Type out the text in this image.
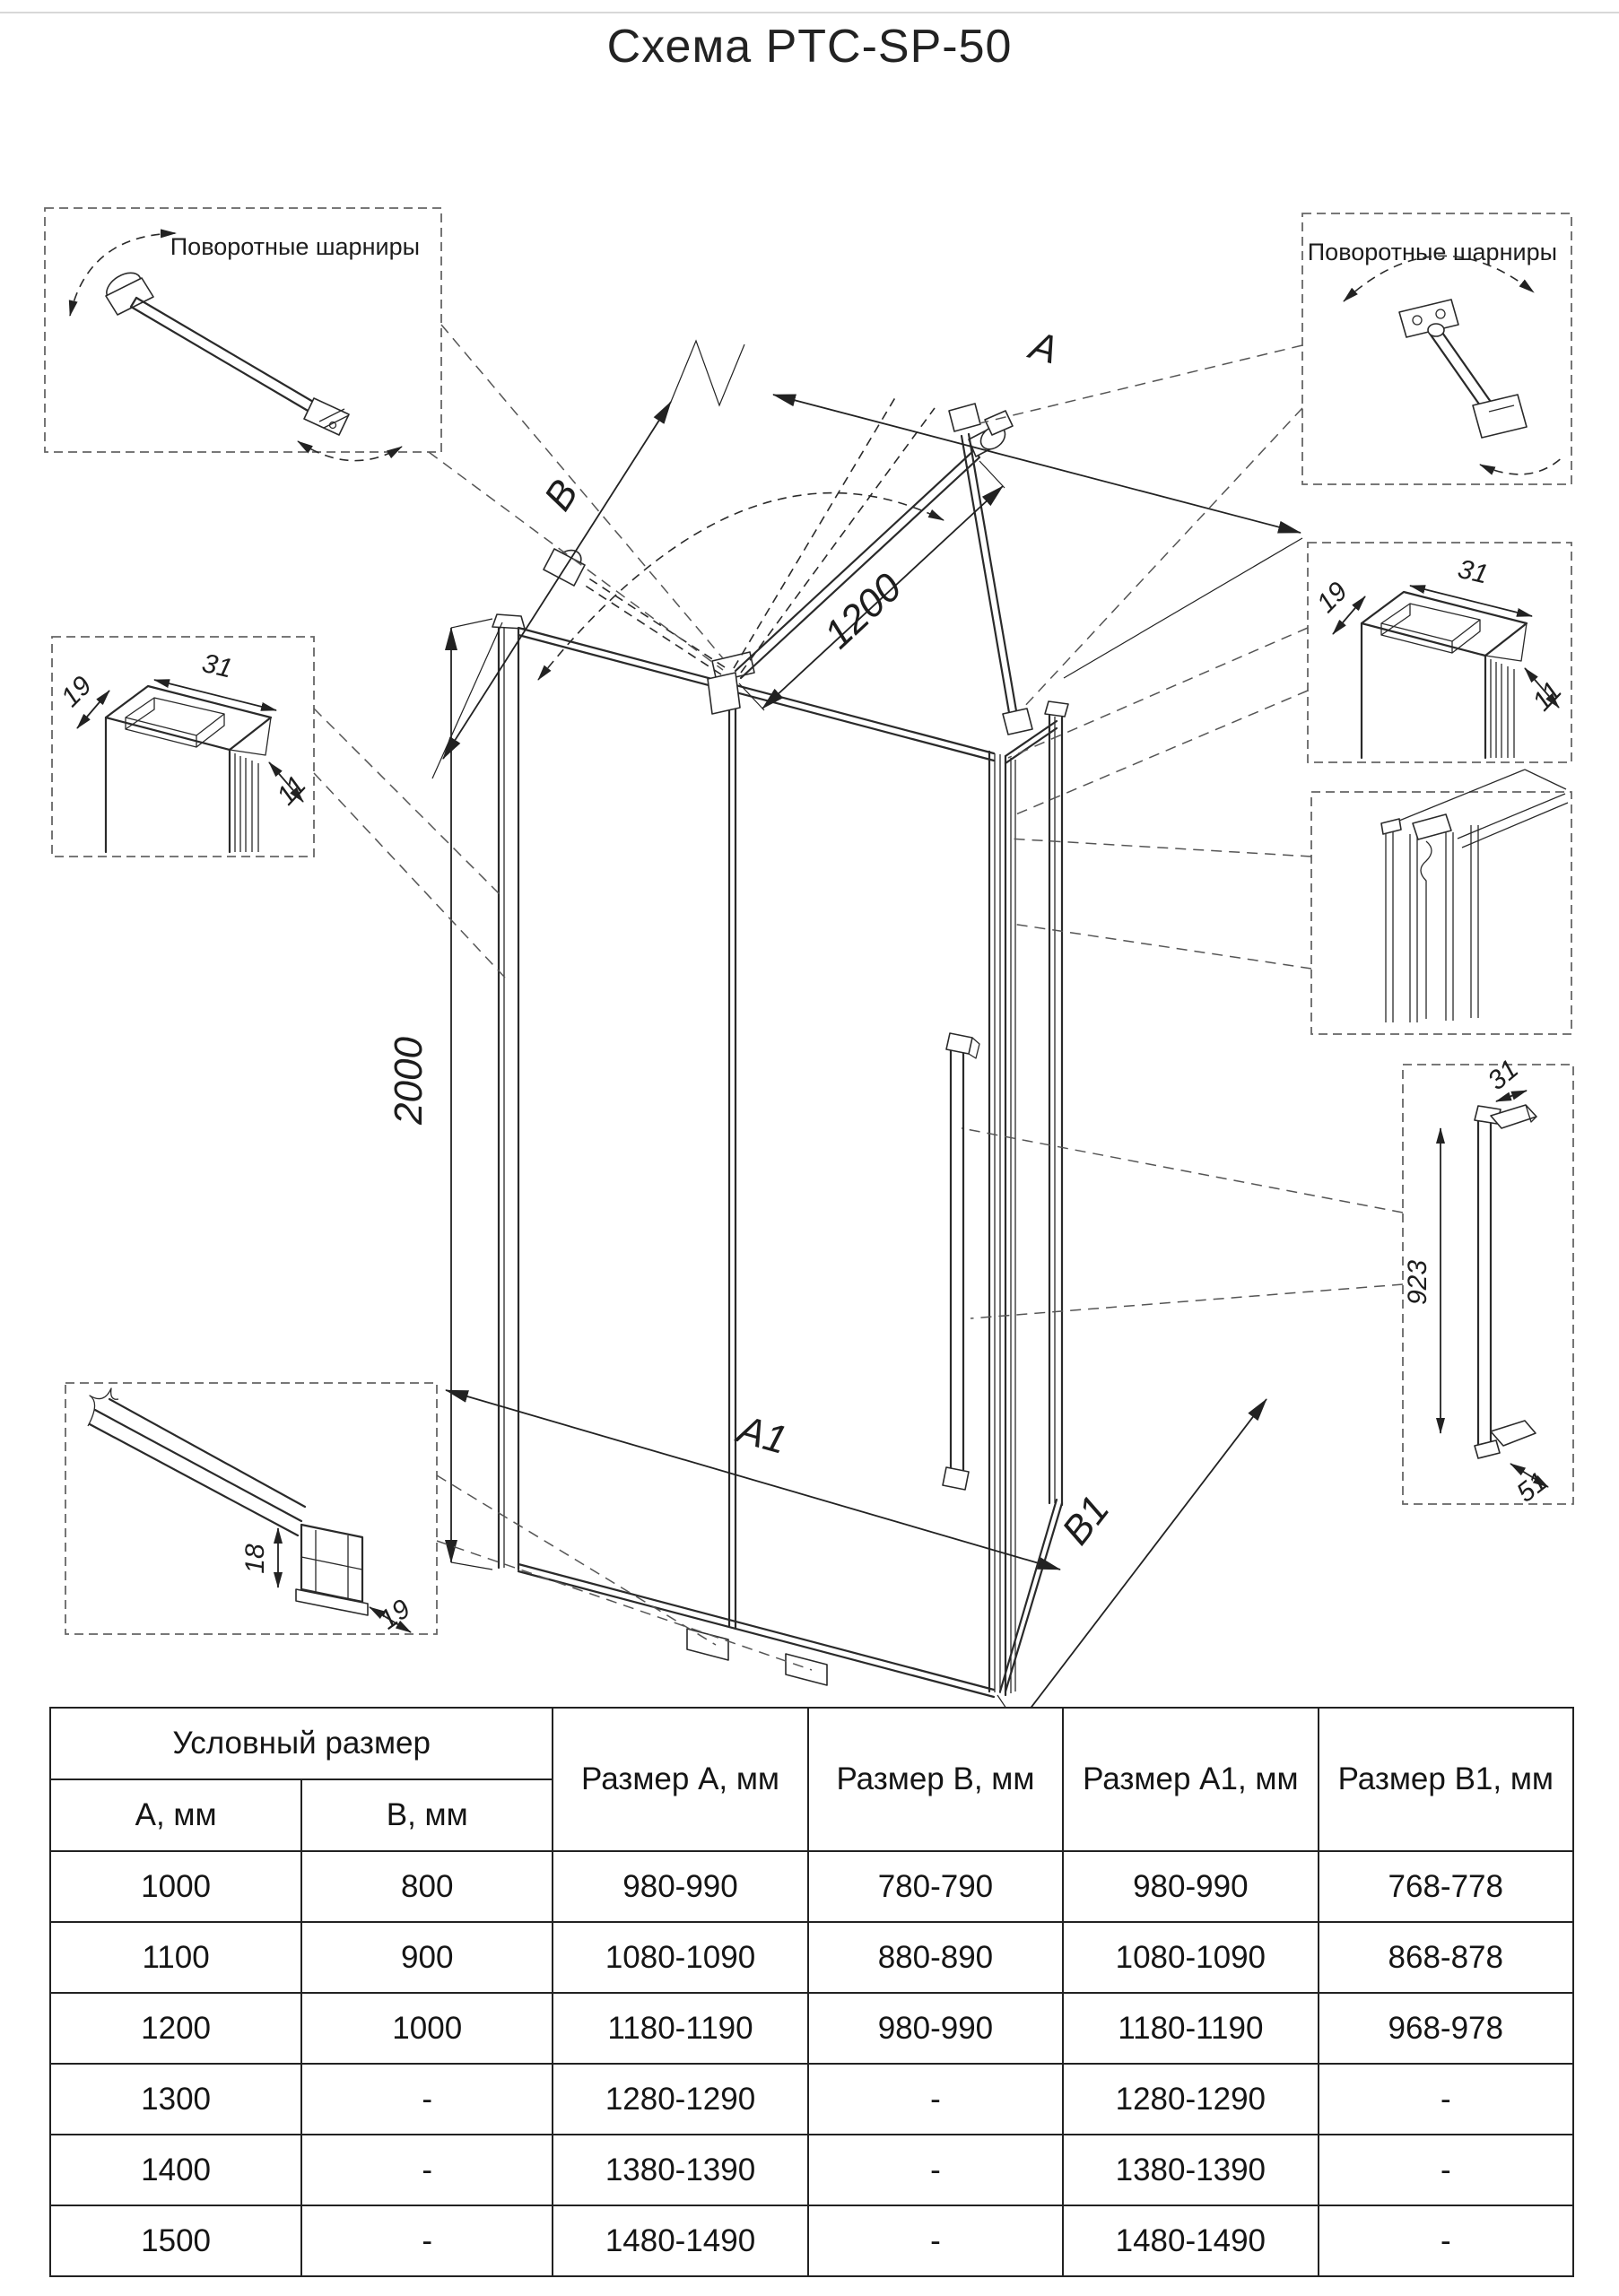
Схема PTC-SP-50
Поворотные шарниры	Поворотные шарниры
19
31
11
19
31
11
923
31
51
18
19
2000
B
A
1200
A1
B1
Условный размер		Размер A, мм	Размер B, мм	Размер A1, мм	Размер B1, мм
A, мм	B, мм				
1000	800	980-990	780-790	980-990	768-778
1100	900	1080-1090	880-890	1080-1090	868-878
1200	1000	1180-1190	980-990	1180-1190	968-978
1300	-	1280-1290	-	1280-1290	-
1400	-	1380-1390	-	1380-1390	-
1500	-	1480-1490	-	1480-1490	-
